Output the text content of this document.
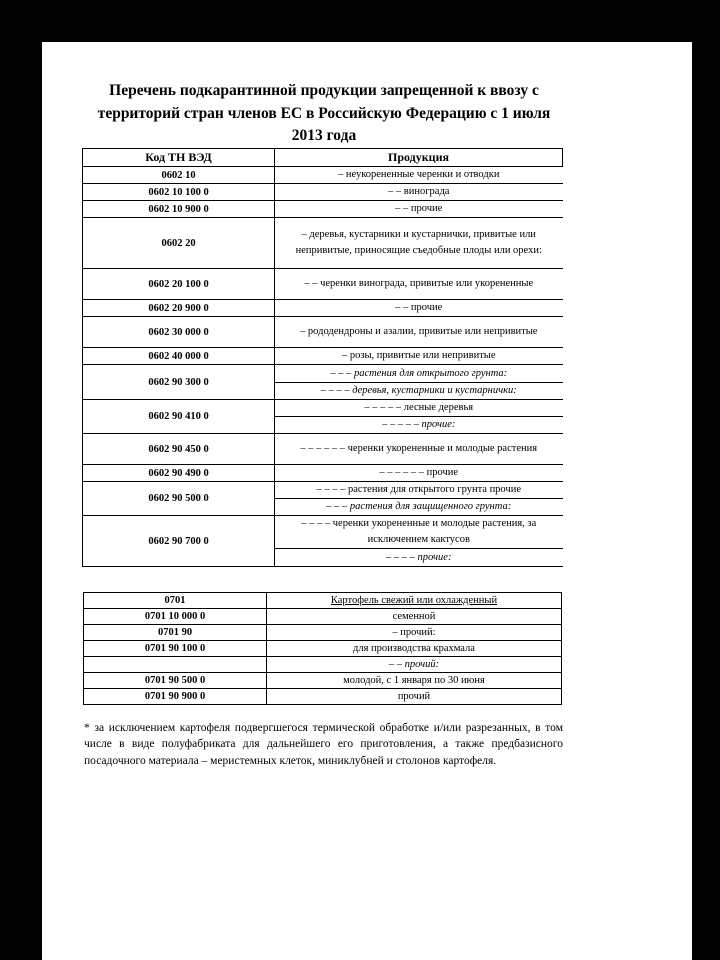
Перечень подкарантинной продукции запрещенной к ввозу с территорий стран членов ЕС в Российскую Федерацию с 1 июля 2013 года
Код ТН ВЭД	Продукция
0602 10	– неукорененные черенки и отводки
0602 10 100 0	– – винограда
0602 10 900 0	– – прочие
0602 20	– деревья, кустарники и кустарнички, привитые или непривитые, приносящие съедобные плоды или орехи:
0602 20 100 0	– – черенки винограда, привитые или укорененные
0602 20 900 0	– – прочие
0602 30 000 0	– рододендроны и азалии, привитые или непривитые
0602 40 000 0	– розы, привитые или непривитые
0602 90 300 0	– – – растения для открытого грунта:
	– – – – деревья, кустарники и кустарнички:
0602 90 410 0	– – – – – лесные деревья
	– – – – – прочие:
0602 90 450 0	– – – – – – черенки укорененные и молодые растения
0602 90 490 0	– – – – – – прочие
0602 90 500 0	– – – – растения для открытого грунта прочие
	– – – растения для защищенного грунта:
0602 90 700 0	– – – – черенки укорененные и молодые растения, за исключением кактусов
	– – – – прочие:
0701	Картофель свежий или охлажденный
0701 10 000 0	семенной
0701 90	– прочий:
0701 90 100 0	для производства крахмала
	– – прочий:
0701 90 500 0	молодой, с 1 января по 30 июня
0701 90 900 0	прочий

* за исключением картофеля подвергшегося термической обработке и/или разрезанных, в том числе в виде полуфабриката для дальнейшего его приготовления, а также предбазисного посадочного материала – меристемных клеток, миниклубней и столонов картофеля.
